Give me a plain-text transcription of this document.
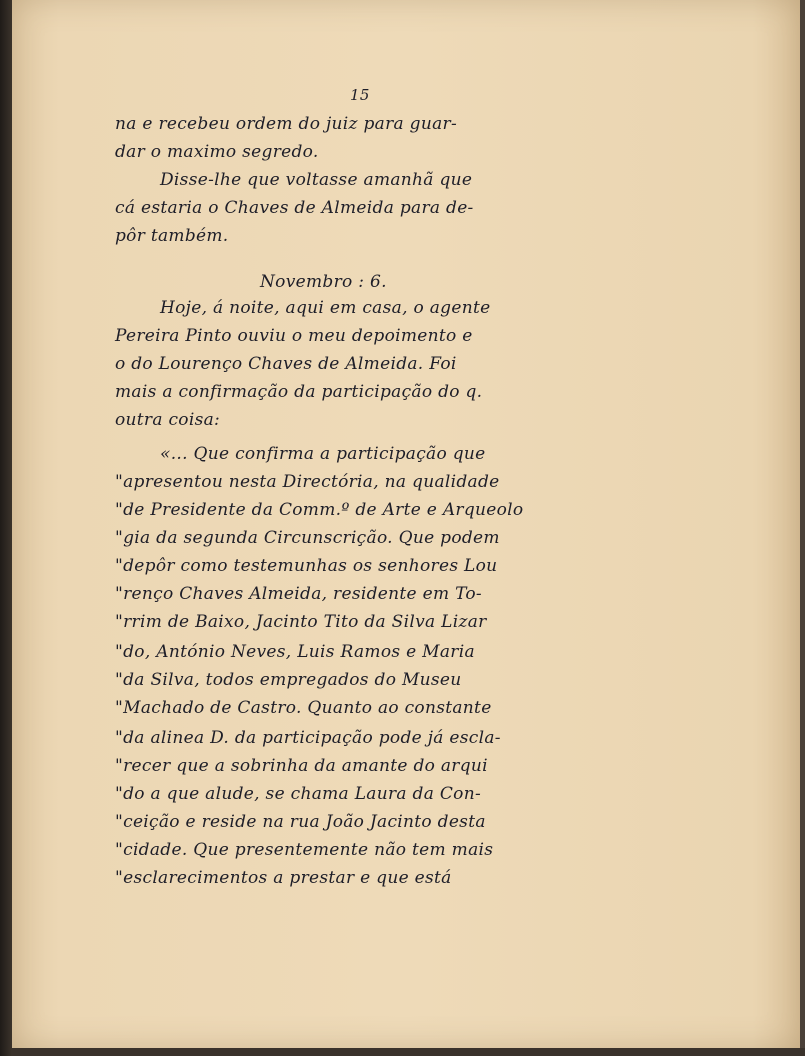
15
na e recebeu ordem do juiz para guar-
dar o maximo segredo.
Disse-lhe que voltasse amanhã que
cá estaria o Chaves de Almeida para de-
pôr também.
Novembro : 6.
Hoje, á noite, aqui em casa, o agente
Pereira Pinto ouviu o meu depoimento e
o do Lourenço Chaves de Almeida. Foi
mais a confirmação da participação do q.
outra coisa:
«... Que confirma a participação que
"apresentou nesta Directória, na qualidade
"de Presidente da Comm.º de Arte e Arqueolo
"gia da segunda Circunscrição. Que podem
"depôr como testemunhas os senhores Lou
"renço Chaves Almeida, residente em To-
"rrim de Baixo, Jacinto Tito da Silva Lizar
"do, António Neves, Luis Ramos e Maria
"da Silva, todos empregados do Museu
"Machado de Castro. Quanto ao constante
"da alinea D. da participação pode já escla-
"recer que a sobrinha da amante do arqui
"do a que alude, se chama Laura da Con-
"ceição e reside na rua João Jacinto desta
"cidade. Que presentemente não tem mais
"esclarecimentos a prestar e que está
